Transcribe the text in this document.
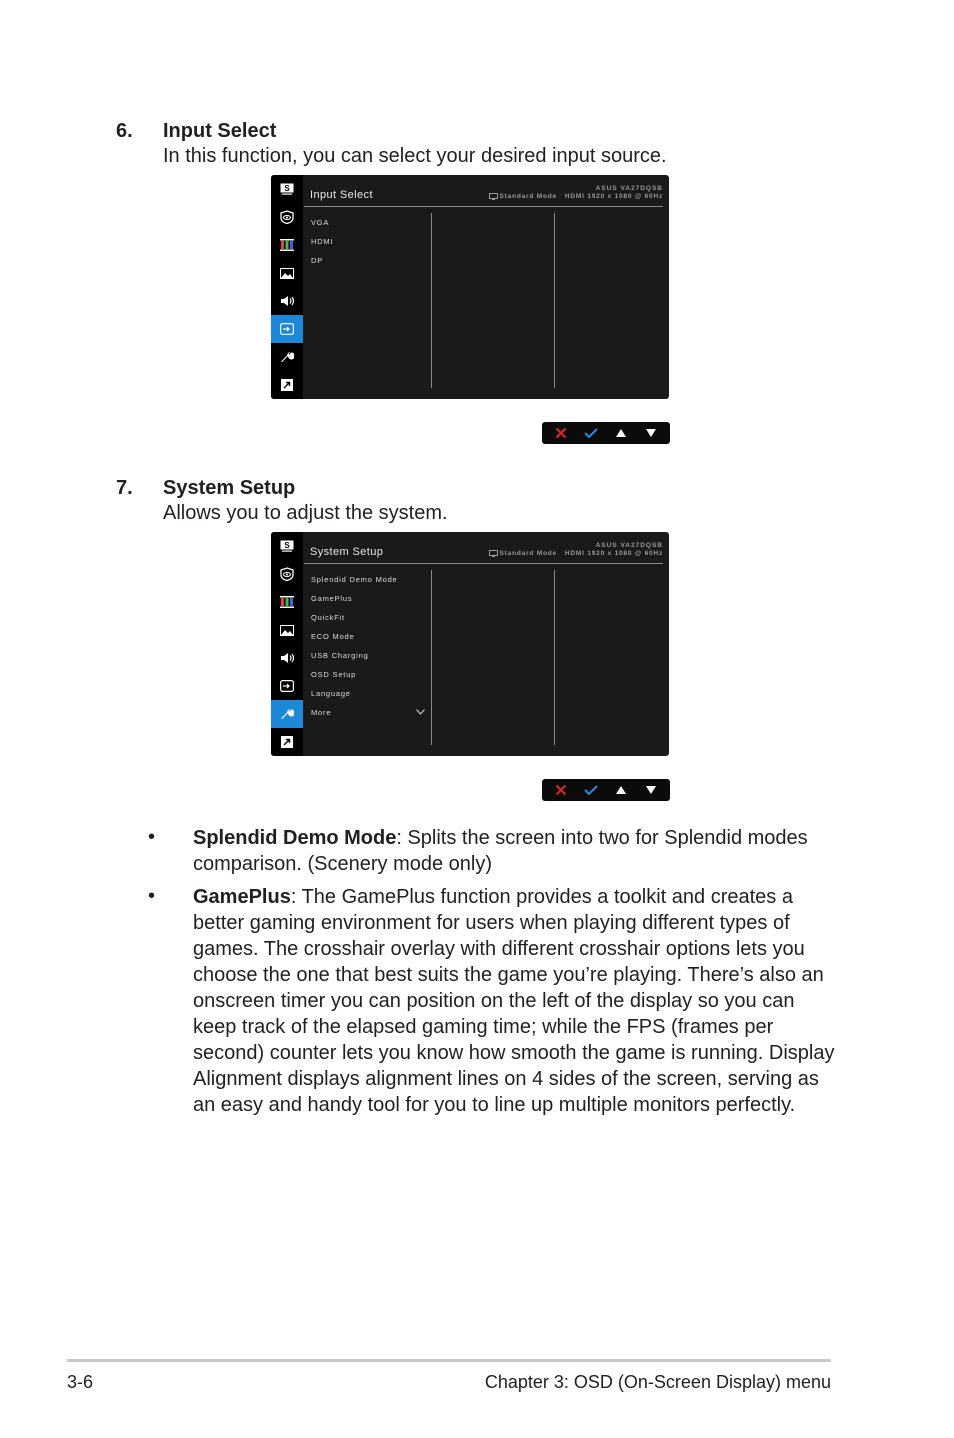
6. Input Select
In this function, you can select your desired input source.
S
Input Select
ASUS VA27DQSB
Standard Mode HDMI 1920 x 1080 @ 60Hz
VGA
HDMI
DP
7. System Setup
Allows you to adjust the system.
S
System Setup
ASUS VA27DQSB
Standard Mode HDMI 1920 x 1080 @ 60Hz
Splendid Demo Mode
GamePlus
QuickFit
ECO Mode
USB Charging
OSD Setup
Language
More
• Splendid Demo Mode: Splits the screen into two for Splendid modes comparison. (Scenery mode only)
• GamePlus: The GamePlus function provides a toolkit and creates a better gaming environment for users when playing different types of games. The crosshair overlay with different crosshair options lets you choose the one that best suits the game you’re playing. There’s also an onscreen timer you can position on the left of the display so you can keep track of the elapsed gaming time; while the FPS (frames per second) counter lets you know how smooth the game is running. Display Alignment displays alignment lines on 4 sides of the screen, serving as an easy and handy tool for you to line up multiple monitors perfectly.
3-6	Chapter 3: OSD (On-Screen Display) menu
